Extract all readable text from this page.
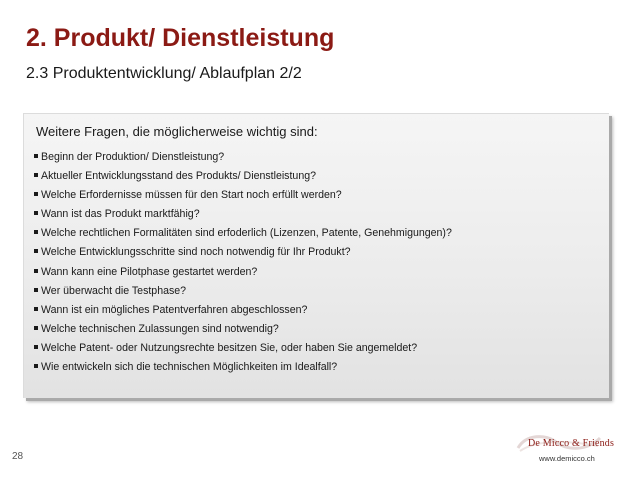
2. Produkt/ Dienstleistung
2.3 Produktentwicklung/ Ablaufplan 2/2
Weitere Fragen, die möglicherweise wichtig sind:
Beginn der Produktion/ Dienstleistung?
Aktueller Entwicklungsstand des Produkts/ Dienstleistung?
Welche Erfordernisse müssen für den Start noch erfüllt werden?
Wann ist das Produkt marktfähig?
Welche rechtlichen Formalitäten sind erfoderlich (Lizenzen, Patente, Genehmigungen)?
Welche Entwicklungsschritte sind noch notwendig für Ihr Produkt?
Wann kann eine Pilotphase gestartet werden?
Wer überwacht die Testphase?
Wann ist ein mögliches Patentverfahren abgeschlossen?
Welche technischen Zulassungen sind notwendig?
Welche Patent- oder Nutzungsrechte besitzen Sie, oder haben Sie angemeldet?
Wie entwickeln sich die technischen Möglichkeiten im Idealfall?
28
De Micco & Friends
www.demicco.ch
